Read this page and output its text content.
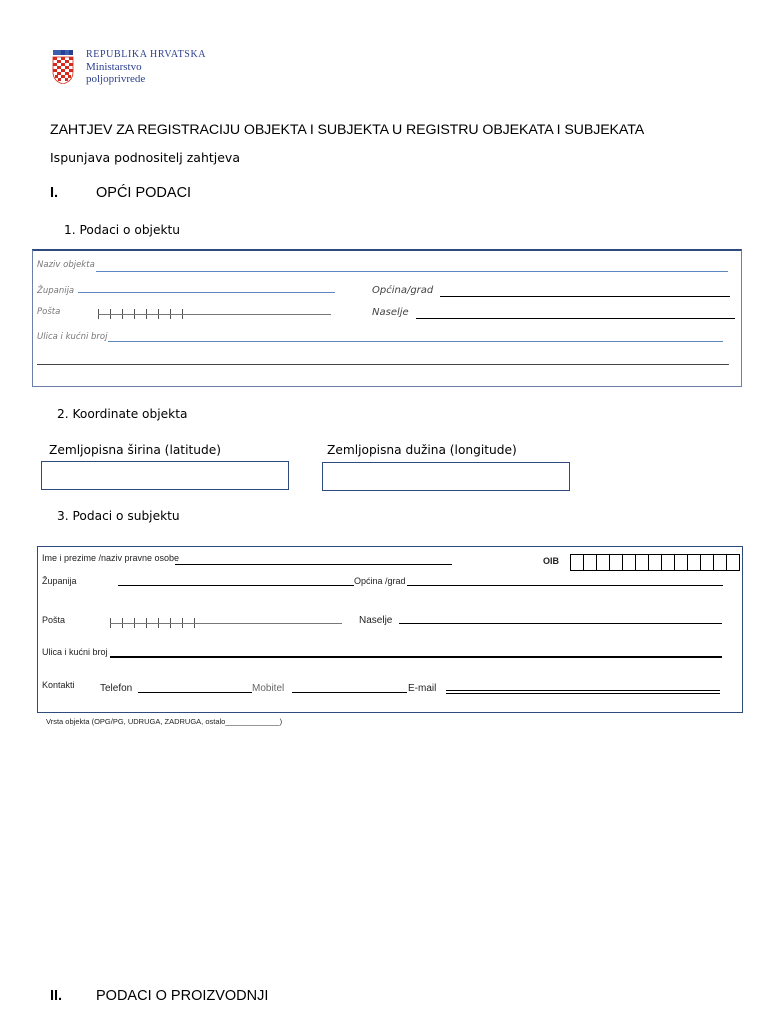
REPUBLIKA HRVATSKA
Ministarstvo
poljoprivrede
ZAHTJEV ZA REGISTRACIJU OBJEKTA I SUBJEKTA U REGISTRU OBJEKATA I SUBJEKATA
Ispunjava podnositelj zahtjeva
I.	OPĆI PODACI
1. Podaci o objektu
Naziv objekta
Županija	Općina/grad
Pošta	Naselje
Ulica i kućni broj
2. Koordinate objekta
Zemljopisna širina (latitude)	Zemljopisna dužina (longitude)
3. Podaci o subjektu
Ime i prezime /naziv pravne osobe	OIB
Županija	Općina /grad
Pošta	Naselje
Ulica i kućni broj
Kontakti	Telefon	Mobitel	E-mail
Vrsta objekta (OPG/PG, UDRUGA, ZADRUGA, ostalo_____________)
II. PODACI O PROIZVODNJI
